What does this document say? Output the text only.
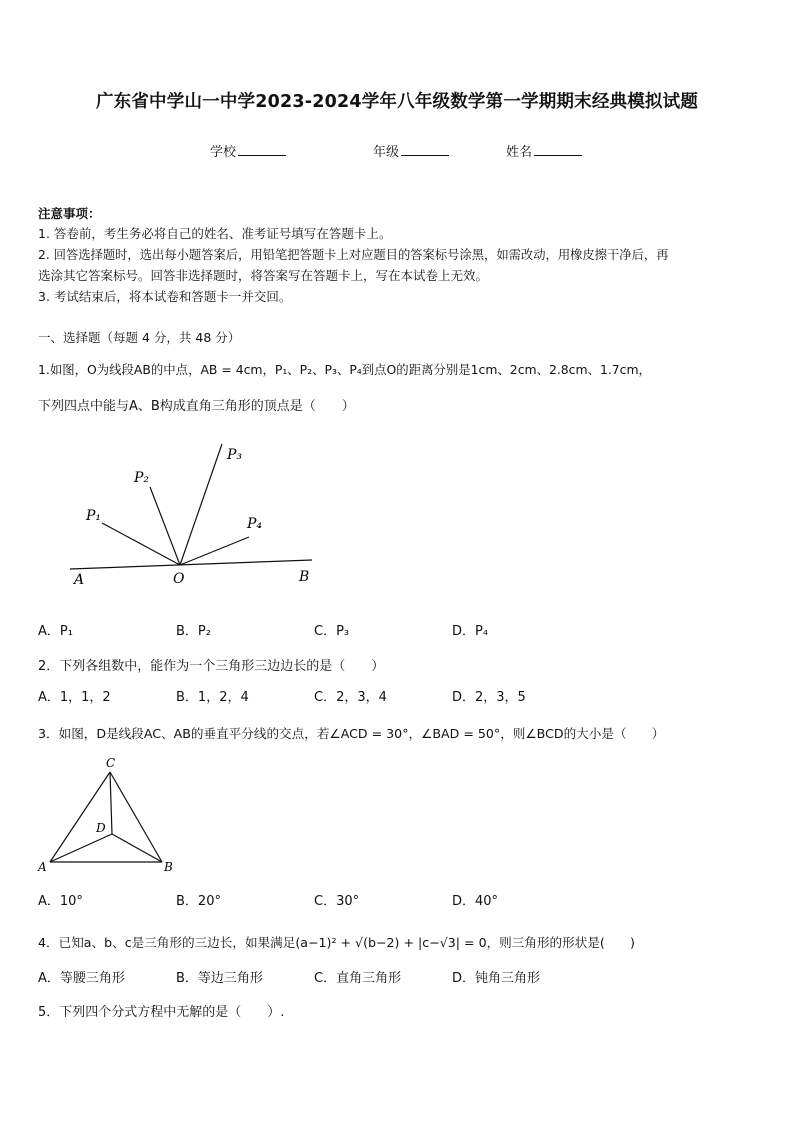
广东省中学山一中学2023-2024学年八年级数学第一学期期末经典模拟试题
学校	年级	姓名
注意事项：
1. 答卷前，考生务必将自己的姓名、准考证号填写在答题卡上。
2. 回答选择题时，选出每小题答案后，用铅笔把答题卡上对应题目的答案标号涂黑，如需改动，用橡皮擦干净后，再
选涂其它答案标号。回答非选择题时，将答案写在答题卡上，写在本试卷上无效。
3. 考试结束后，将本试卷和答题卡一并交回。
一、选择题（每题 4 分，共 48 分）
1.如图，O为线段AB的中点，AB = 4cm，P₁、P₂、P₃、P₄到点O的距离分别是1cm、2cm、2.8cm、1.7cm，
下列四点中能与A、B构成直角三角形的顶点是（　　）
A	O	B
P₁
P₂
P₃
P₄
A．P₁	B．P₂	C．P₃	D．P₄
2．下列各组数中，能作为一个三角形三边边长的是（　　）
A．1，1，2	B．1，2，4	C．2，3，4	D．2，3，5
3．如图，D是线段AC、AB的垂直平分线的交点，若∠ACD = 30°，∠BAD = 50°，则∠BCD的大小是（　　）
C
D
A	B
A．10°	B．20°	C．30°	D．40°
4．已知a、b、c是三角形的三边长，如果满足(a−1)² + √(b−2) + |c−√3| = 0，则三角形的形状是(　　)
A．等腰三角形	B．等边三角形	C．直角三角形	D．钝角三角形
5．下列四个分式方程中无解的是（　　）.
